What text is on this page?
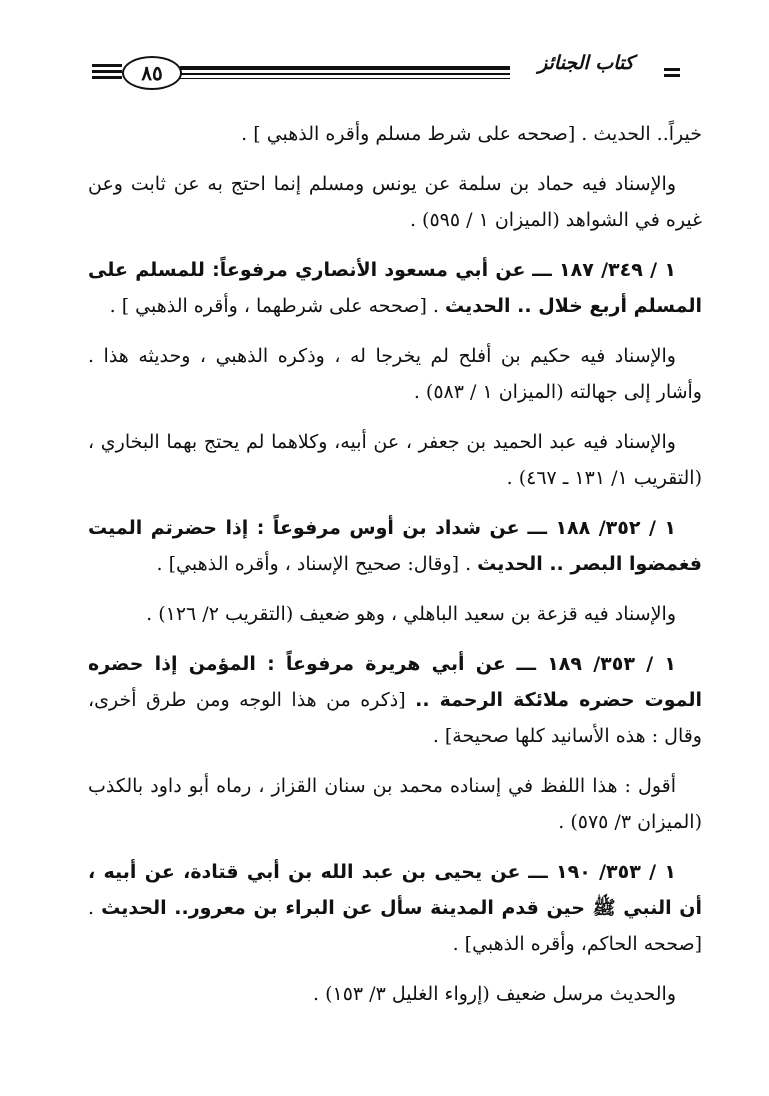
٨٥	كتاب الجنائز

خيراً.. الحديث . [صححه على شرط مسلم وأقره الذهبي ] .

والإسناد فيه حماد بن سلمة عن يونس ومسلم إنما احتج به عن ثابت وعن غيره في الشواهد (الميزان ١ / ٥٩٥) .

١ / ٣٤٩/ ١٨٧ ـــ عن أبي مسعود الأنصاري مرفوعاً: للمسلم على المسلم أربع خلال .. الحديث . [صححه على شرطهما ، وأقره الذهبي ] .

والإسناد فيه حكيم بن أفلح لم يخرجا له ، وذكره الذهبي ، وحديثه هذا . وأشار إلى جهالته (الميزان ١ / ٥٨٣) .

والإسناد فيه عبد الحميد بن جعفر ، عن أبيه، وكلاهما لم يحتج بهما البخاري ، (التقريب ١/ ١٣١ ـ ٤٦٧) .

١ / ٣٥٢/ ١٨٨ ـــ عن شداد بن أوس مرفوعاً : إذا حضرتم الميت فغمضوا البصر .. الحديث . [وقال: صحيح الإسناد ، وأقره الذهبي] .

والإسناد فيه قزعة بن سعيد الباهلي ، وهو ضعيف (التقريب ٢/ ١٢٦) .

١ / ٣٥٣/ ١٨٩ ـــ عن أبي هريرة مرفوعاً : المؤمن إذا حضره الموت حضره ملائكة الرحمة .. [ذكره من هذا الوجه ومن طرق أخرى، وقال : هذه الأسانيد كلها صحيحة] .

أقول : هذا اللفظ في إسناده محمد بن سنان القزاز ، رماه أبو داود بالكذب (الميزان ٣/ ٥٧٥) .

١ / ٣٥٣/ ١٩٠ ـــ عن يحيى بن عبد الله بن أبي قتادة، عن أبيه ، أن النبي ﷺ حين قدم المدينة سأل عن البراء بن معرور.. الحديث . [صححه الحاكم، وأقره الذهبي] .

والحديث مرسل ضعيف (إرواء الغليل ٣/ ١٥٣) .
